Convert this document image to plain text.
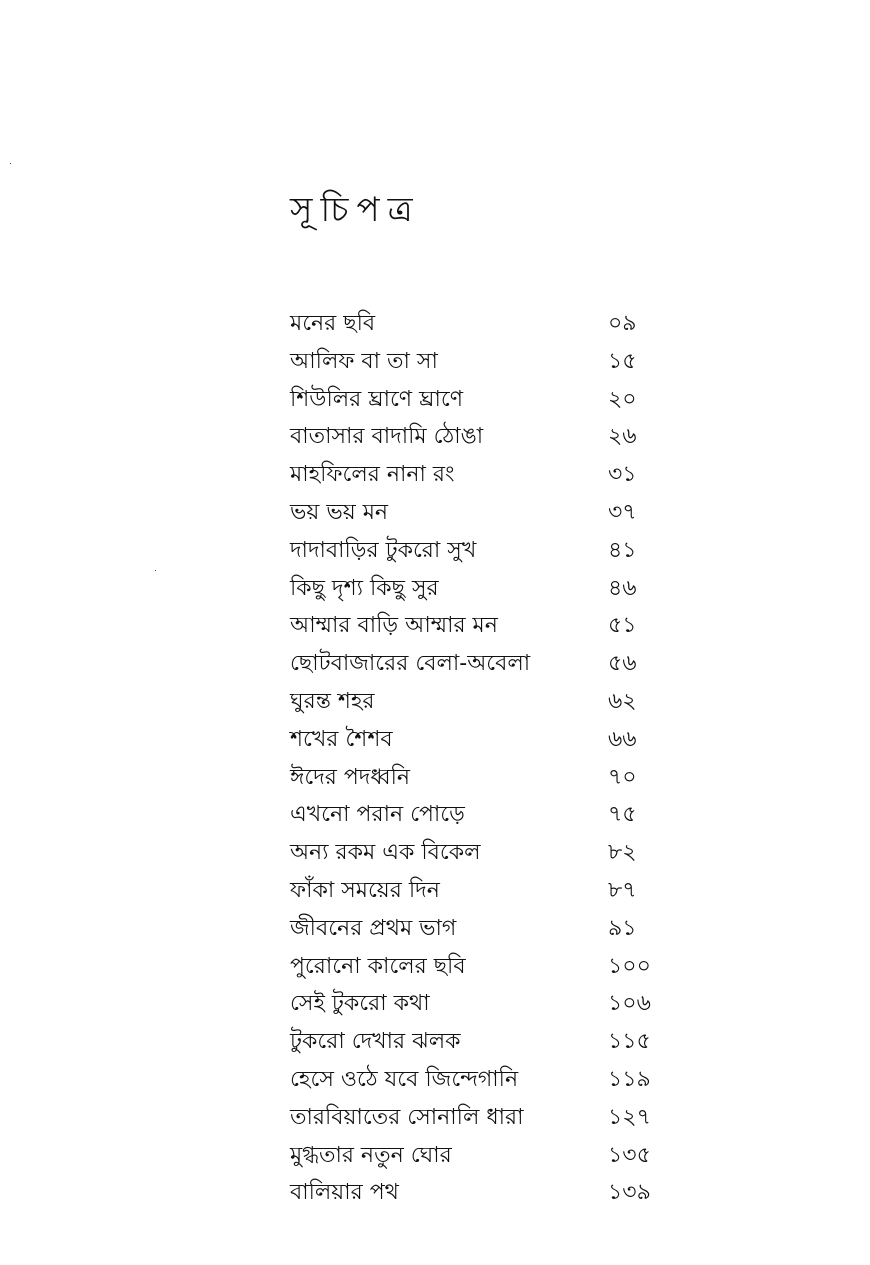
সূচিপত্র
মনের ছবি	০৯
আলিফ বা তা সা	১৫
শিউলির ঘ্রাণে ঘ্রাণে	২০
বাতাসার বাদামি ঠোঙা	২৬
মাহফিলের নানা রং	৩১
ভয় ভয় মন	৩৭
দাদাবাড়ির টুকরো সুখ	৪১
কিছু দৃশ্য কিছু সুর	৪৬
আম্মার বাড়ি আম্মার মন	৫১
ছোটবাজারের বেলা-অবেলা	৫৬
ঘুরন্ত শহর	৬২
শখের শৈশব	৬৬
ঈদের পদধ্বনি	৭০
এখনো পরান পোড়ে	৭৫
অন্য রকম এক বিকেল	৮২
ফাঁকা সময়ের দিন	৮৭
জীবনের প্রথম ভাগ	৯১
পুরোনো কালের ছবি	১০০
সেই টুকরো কথা	১০৬
টুকরো দেখার ঝলক	১১৫
হেসে ওঠে যবে জিন্দেগানি	১১৯
তারবিয়াতের সোনালি ধারা	১২৭
মুগ্ধতার নতুন ঘোর	১৩৫
বালিয়ার পথ	১৩৯
